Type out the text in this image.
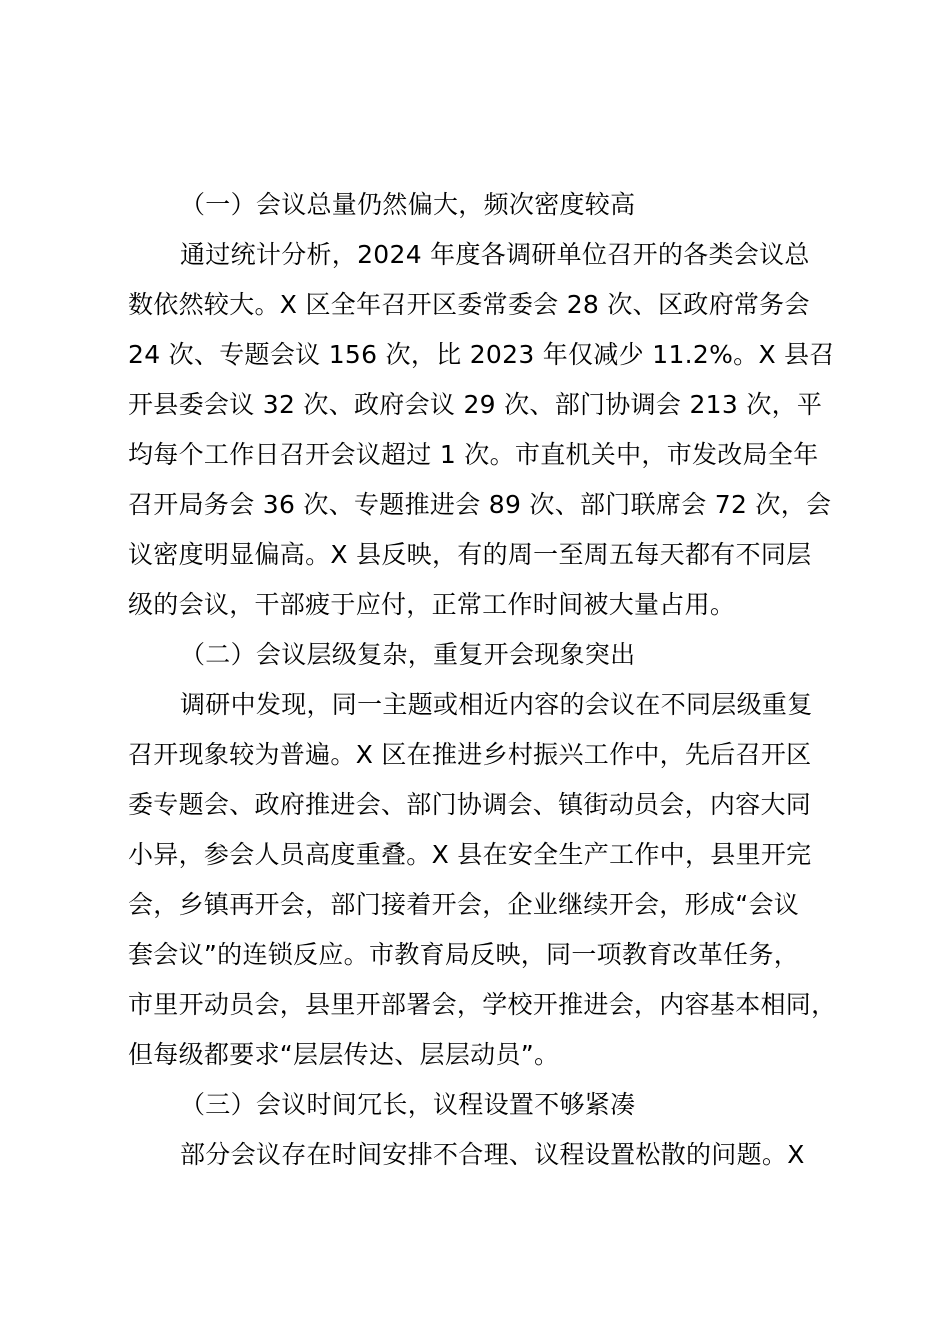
（一）会议总量仍然偏大，频次密度较高
通过统计分析，2024 年度各调研单位召开的各类会议总
数依然较大。X 区全年召开区委常委会 28 次、区政府常务会
24 次、专题会议 156 次，比 2023 年仅减少 11.2%。X 县召
开县委会议 32 次、政府会议 29 次、部门协调会 213 次，平
均每个工作日召开会议超过 1 次。市直机关中，市发改局全年
召开局务会 36 次、专题推进会 89 次、部门联席会 72 次，会
议密度明显偏高。X 县反映，有的周一至周五每天都有不同层
级的会议，干部疲于应付，正常工作时间被大量占用。
（二）会议层级复杂，重复开会现象突出
调研中发现，同一主题或相近内容的会议在不同层级重复
召开现象较为普遍。X 区在推进乡村振兴工作中，先后召开区
委专题会、政府推进会、部门协调会、镇街动员会，内容大同
小异，参会人员高度重叠。X 县在安全生产工作中，县里开完
会，乡镇再开会，部门接着开会，企业继续开会，形成“会议
套会议”的连锁反应。市教育局反映，同一项教育改革任务，
市里开动员会，县里开部署会，学校开推进会，内容基本相同，
但每级都要求“层层传达、层层动员”。
（三）会议时间冗长，议程设置不够紧凑
部分会议存在时间安排不合理、议程设置松散的问题。X
